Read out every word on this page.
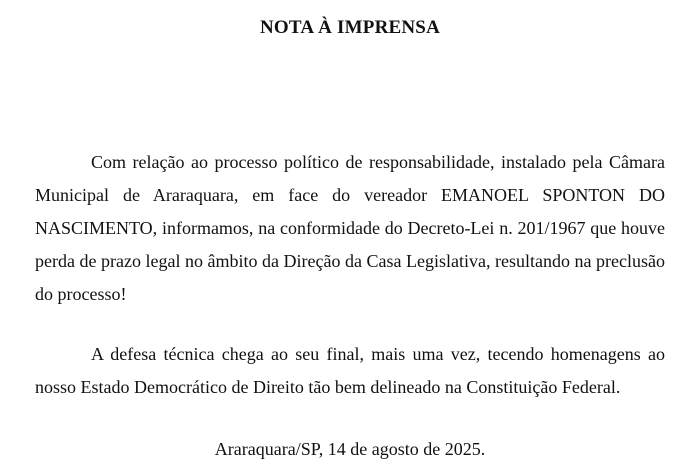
NOTA À IMPRENSA

Com relação ao processo político de responsabilidade, instalado pela Câmara Municipal de Araraquara, em face do vereador EMANOEL SPONTON DO NASCIMENTO, informamos, na conformidade do Decreto-Lei n. 201/1967 que houve perda de prazo legal no âmbito da Direção da Casa Legislativa, resultando na preclusão do processo!

A defesa técnica chega ao seu final, mais uma vez, tecendo homenagens ao nosso Estado Democrático de Direito tão bem delineado na Constituição Federal.

Araraquara/SP, 14 de agosto de 2025.
